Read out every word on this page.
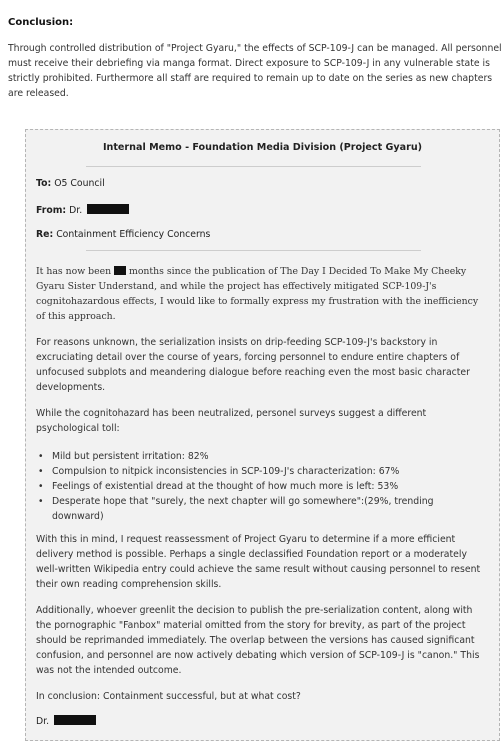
Conclusion:
Through controlled distribution of "Project Gyaru," the effects of SCP-109-J can be managed. All personnel must receive their debriefing via manga format. Direct exposure to SCP-109-J in any vulnerable state is strictly prohibited. Furthermore all staff are required to remain up to date on the series as new chapters are released.
Internal Memo - Foundation Media Division (Project Gyaru)
To: O5 Council
From: Dr.
Re: Containment Efficiency Concerns
It has now been months since the publication of The Day I Decided To Make My Cheeky Gyaru Sister Understand, and while the project has effectively mitigated SCP-109-J's cognitohazardous effects, I would like to formally express my frustration with the inefficiency of this approach.
For reasons unknown, the serialization insists on drip-feeding SCP-109-J's backstory in excruciating detail over the course of years, forcing personnel to endure entire chapters of unfocused subplots and meandering dialogue before reaching even the most basic character developments.
While the cognitohazard has been neutralized, personel surveys suggest a different psychological toll:
• Mild but persistent irritation: 82%
• Compulsion to nitpick inconsistencies in SCP-109-J's characterization: 67%
• Feelings of existential dread at the thought of how much more is left: 53%
• Desperate hope that "surely, the next chapter will go somewhere":(29%, trending downward)
With this in mind, I request reassessment of Project Gyaru to determine if a more efficient delivery method is possible. Perhaps a single declassified Foundation report or a moderately well-written Wikipedia entry could achieve the same result without causing personnel to resent their own reading comprehension skills.
Additionally, whoever greenlit the decision to publish the pre-serialization content, along with the pornographic "Fanbox" material omitted from the story for brevity, as part of the project should be reprimanded immediately. The overlap between the versions has caused significant confusion, and personnel are now actively debating which version of SCP-109-J is "canon." This was not the intended outcome.
In conclusion: Containment successful, but at what cost?
Dr.
